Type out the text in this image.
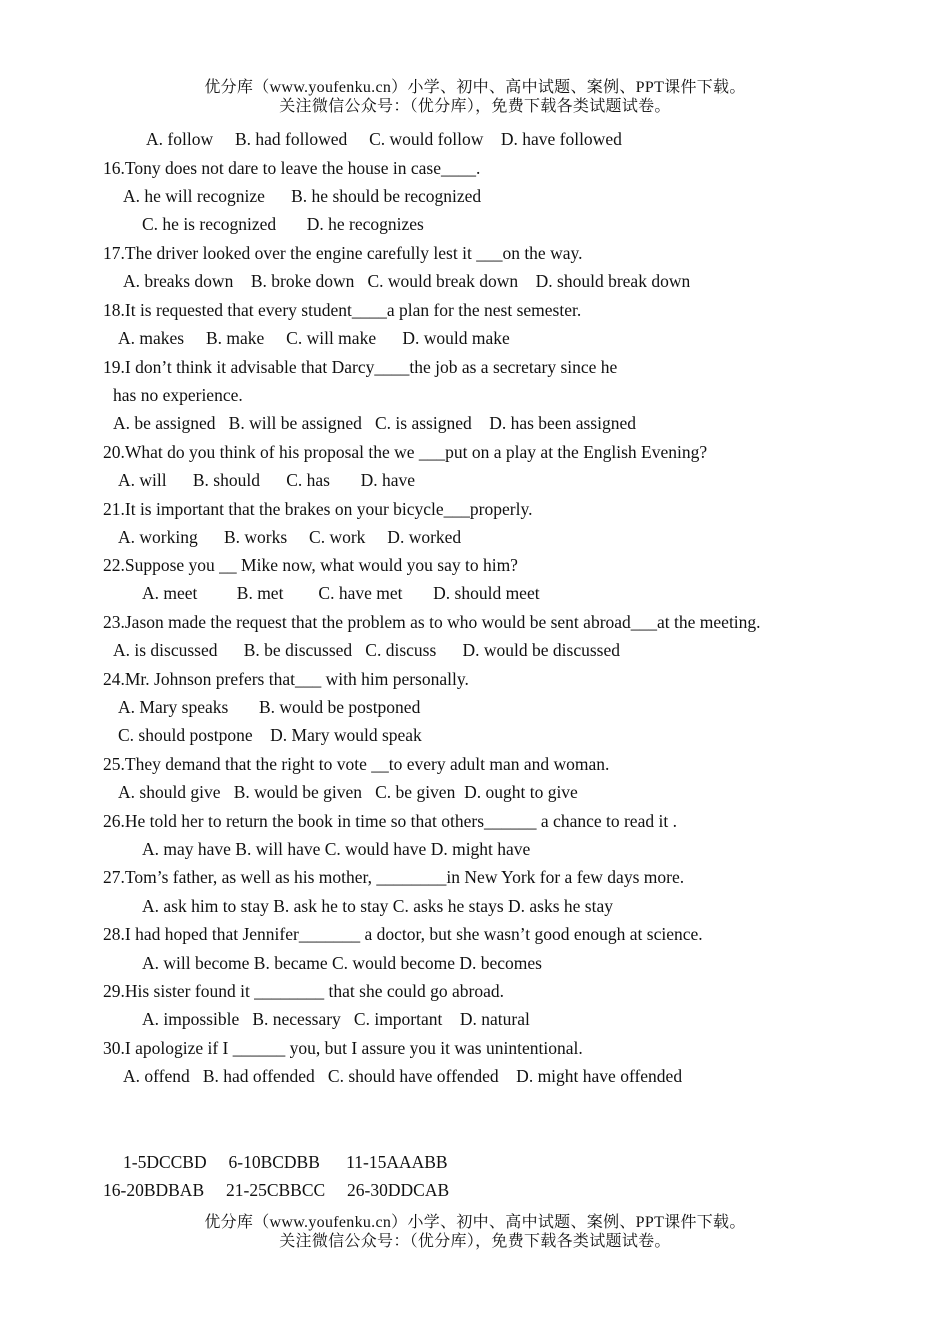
优分库（www.youfenku.cn）小学、初中、高中试题、案例、PPT课件下载。
关注微信公众号：（优分库），免费下载各类试题试卷。
A. follow     B. had followed     C. would follow    D. have followed
16.Tony does not dare to leave the house in case____.
A. he will recognize      B. he should be recognized
C. he is recognized       D. he recognizes
17.The driver looked over the engine carefully lest it ___on the way.
A. breaks down    B. broke down   C. would break down    D. should break down
18.It is requested that every student____a plan for the nest semester.
A. makes     B. make     C. will make      D. would make
19.I don’t think it advisable that Darcy____the job as a secretary since he
has no experience.
A. be assigned   B. will be assigned   C. is assigned    D. has been assigned
20.What do you think of his proposal the we ___put on a play at the English Evening?
A. will      B. should      C. has       D. have
21.It is important that the brakes on your bicycle___properly.
A. working      B. works     C. work     D. worked
22.Suppose you __ Mike now, what would you say to him?
A. meet         B. met        C. have met       D. should meet
23.Jason made the request that the problem as to who would be sent abroad___at the meeting.
A. is discussed      B. be discussed   C. discuss      D. would be discussed
24.Mr. Johnson prefers that___ with him personally.
A. Mary speaks       B. would be postponed
C. should postpone    D. Mary would speak
25.They demand that the right to vote __to every adult man and woman.
A. should give   B. would be given   C. be given  D. ought to give
26.He told her to return the book in time so that others______ a chance to read it .
A. may have B. will have C. would have D. might have
27.Tom’s father, as well as his mother, ________in New York for a few days more.
A. ask him to stay B. ask he to stay C. asks he stays D. asks he stay
28.I had hoped that Jennifer_______ a doctor, but she wasn’t good enough at science.
A. will become B. became C. would become D. becomes
29.His sister found it ________ that she could go abroad.
A. impossible   B. necessary   C. important    D. natural
30.I apologize if I ______ you, but I assure you it was unintentional.
A. offend   B. had offended   C. should have offended    D. might have offended
1-5DCCBD     6-10BCDBB      11-15AAABB
16-20BDBAB     21-25CBBCC     26-30DDCAB
优分库（www.youfenku.cn）小学、初中、高中试题、案例、PPT课件下载。
关注微信公众号：（优分库），免费下载各类试题试卷。
